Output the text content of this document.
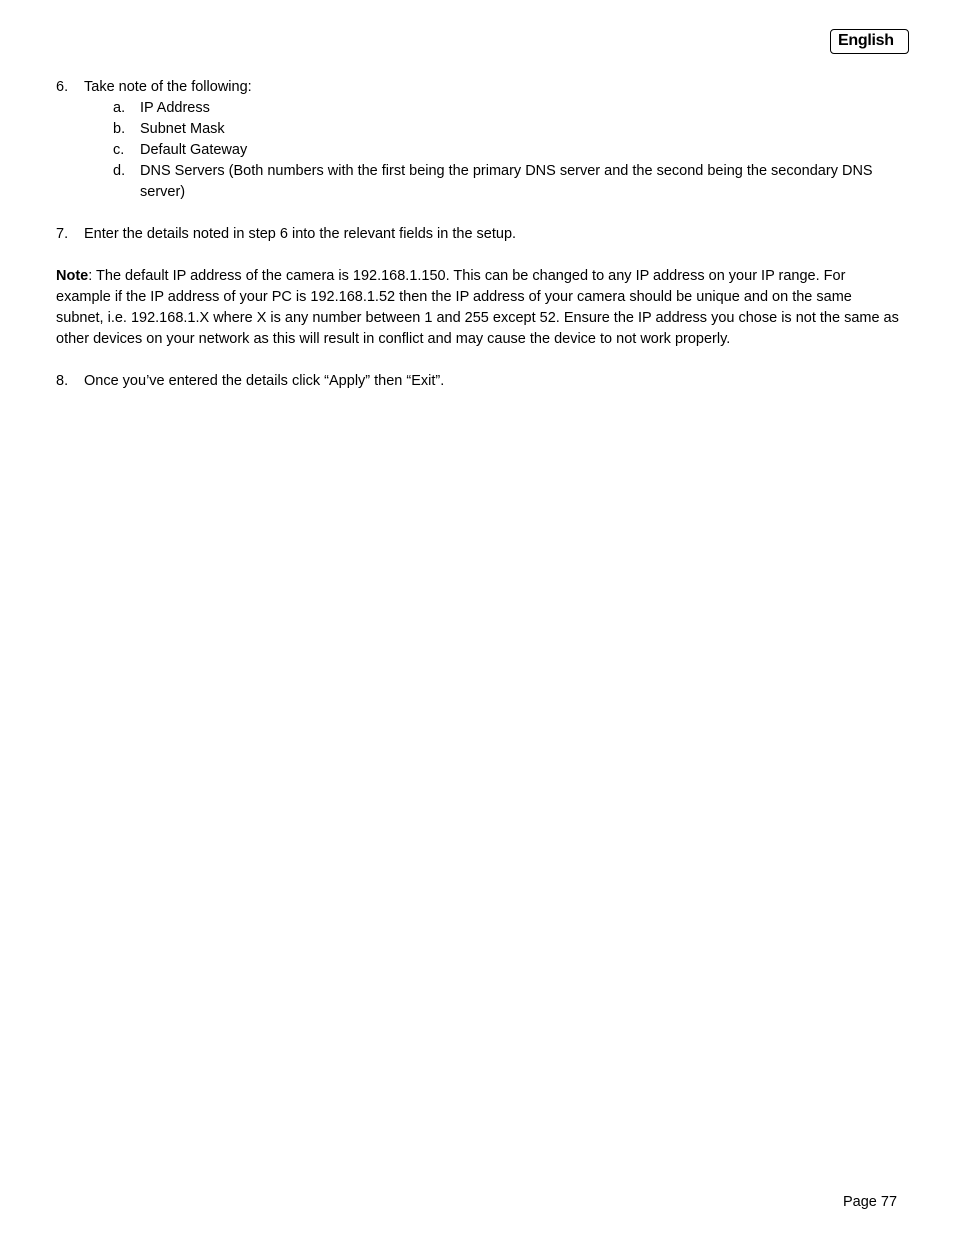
English
6. Take note of the following:
a. IP Address
b. Subnet Mask
c. Default Gateway
d. DNS Servers (Both numbers with the first being the primary DNS server and the second being the secondary DNS server)
7. Enter the details noted in step 6 into the relevant fields in the setup.
Note: The default IP address of the camera is 192.168.1.150. This can be changed to any IP address on your IP range. For example if the IP address of your PC is 192.168.1.52 then the IP address of your camera should be unique and on the same subnet, i.e. 192.168.1.X where X is any number between 1 and 255 except 52. Ensure the IP address you chose is not the same as other devices on your network as this will result in conflict and may cause the device to not work properly.
8. Once you’ve entered the details click “Apply” then “Exit”.
Page 77
